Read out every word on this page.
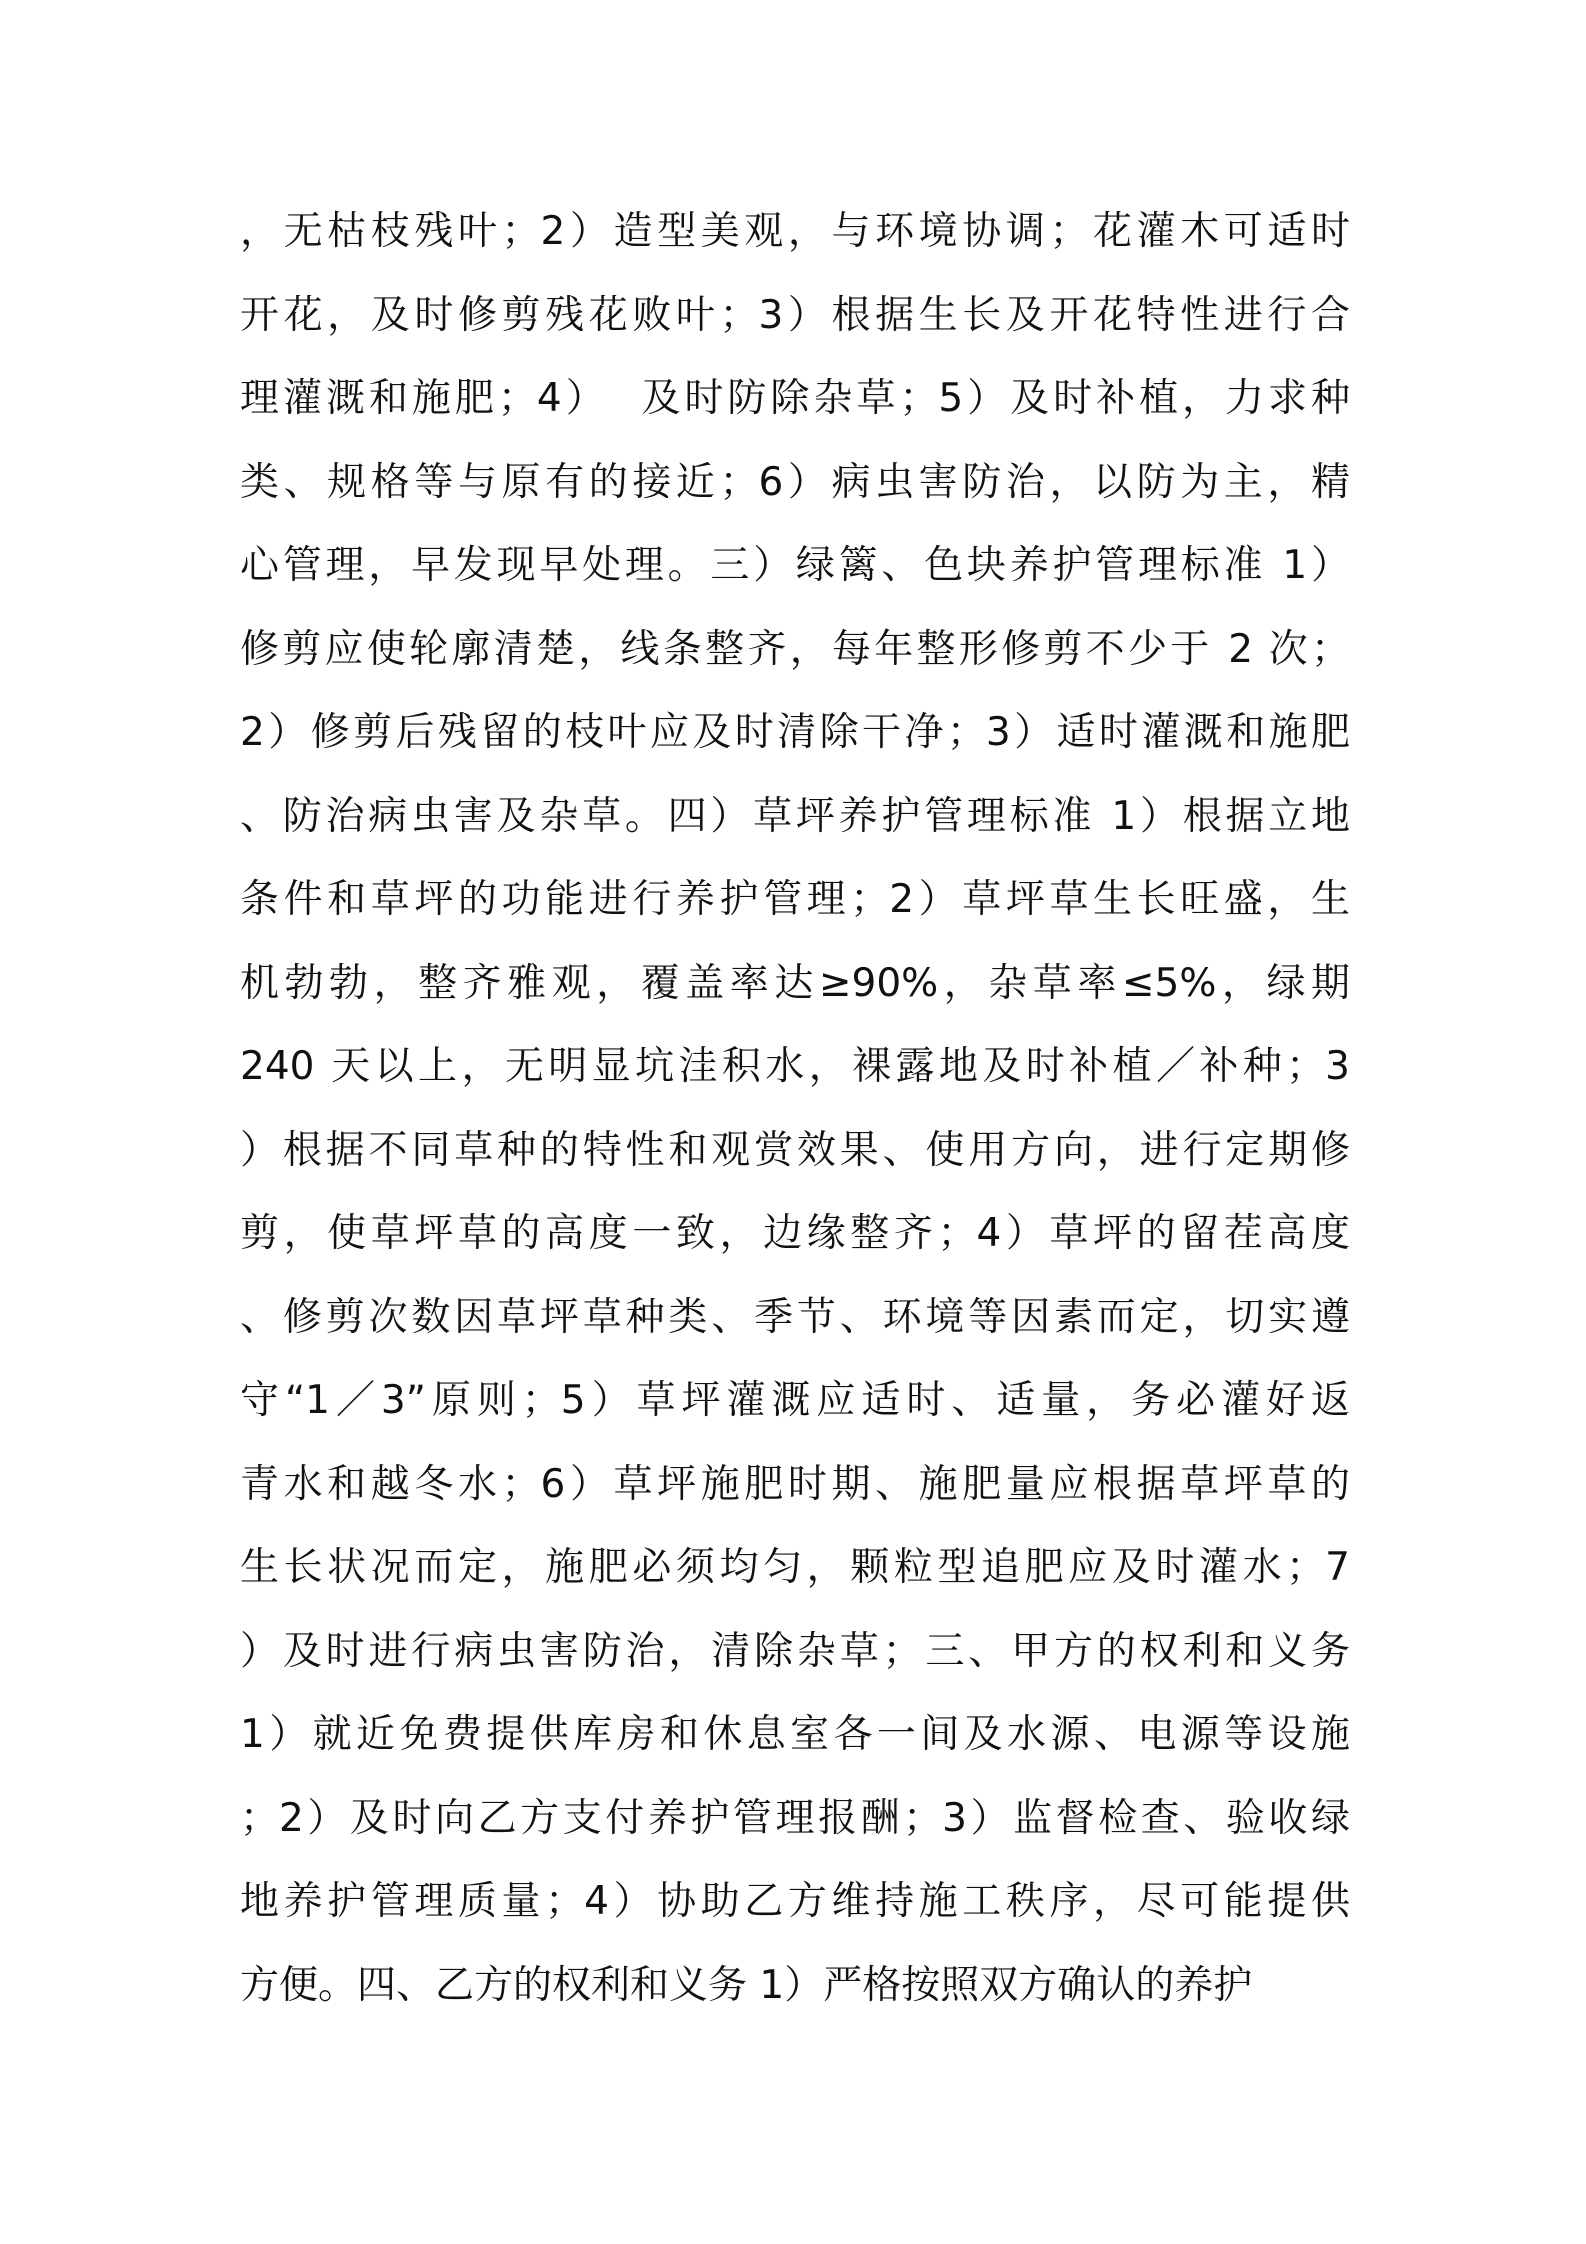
，无枯枝残叶；2）造型美观，与环境协调；花灌木可适时
开花，及时修剪残花败叶；3）根据生长及开花特性进行合
理灌溉和施肥；4）  及时防除杂草；5）及时补植，力求种
类、规格等与原有的接近；6）病虫害防治，以防为主，精
心管理，早发现早处理。三）绿篱、色块养护管理标准 1）
修剪应使轮廓清楚，线条整齐，每年整形修剪不少于 2 次；
2）修剪后残留的枝叶应及时清除干净；3）适时灌溉和施肥
、防治病虫害及杂草。四）草坪养护管理标准 1）根据立地
条件和草坪的功能进行养护管理；2）草坪草生长旺盛，生
机勃勃，整齐雅观，覆盖率达≥90%，杂草率≤5%，绿期
240 天以上，无明显坑洼积水，裸露地及时补植／补种；3
）根据不同草种的特性和观赏效果、使用方向，进行定期修
剪，使草坪草的高度一致，边缘整齐；4）草坪的留茬高度
、修剪次数因草坪草种类、季节、环境等因素而定，切实遵
守“1／3”原则；5）草坪灌溉应适时、适量，务必灌好返
青水和越冬水；6）草坪施肥时期、施肥量应根据草坪草的
生长状况而定，施肥必须均匀，颗粒型追肥应及时灌水；7
）及时进行病虫害防治，清除杂草；三、甲方的权利和义务
1）就近免费提供库房和休息室各一间及水源、电源等设施
；2）及时向乙方支付养护管理报酬；3）监督检查、验收绿
地养护管理质量；4）协助乙方维持施工秩序，尽可能提供
方便。四、乙方的权利和义务 1）严格按照双方确认的养护
